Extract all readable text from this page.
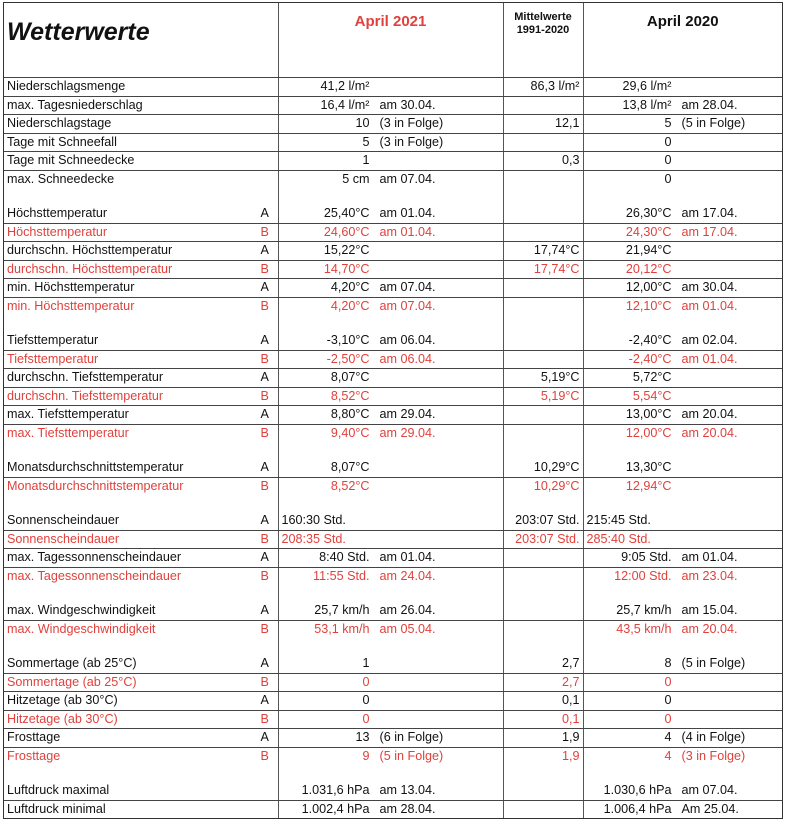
Wetterwerte		April 2021	Mittelwerte
1991-2020	April 2020

Niederschlagsmenge		41,2 l/m²	86,3 l/m²	29,6 l/m²

max. Tagesniederschlag		16,4 l/m² am 30.04.		13,8 l/m² am 28.04.

Niederschlagstage		10 (3 in Folge)	12,1	5 (5 in Folge)

Tage mit Schneefall		5 (3 in Folge)		0

Tage mit Schneedecke		1	0,3	0

max. Schneedecke		5 cm am 07.04.		0

Höchsttemperatur	A	25,40°C am 01.04.		26,30°C am 17.04.

Höchsttemperatur	B	24,60°C am 01.04.		24,30°C am 17.04.

durchschn. Höchsttemperatur	A	15,22°C	17,74°C	21,94°C

durchschn. Höchsttemperatur	B	14,70°C	17,74°C	20,12°C

min. Höchsttemperatur	A	4,20°C am 07.04.		12,00°C am 30.04.

min. Höchsttemperatur	B	4,20°C am 07.04.		12,10°C am 01.04.

Tiefsttemperatur	A	-3,10°C am 06.04.		-2,40°C am 02.04.

Tiefsttemperatur	B	-2,50°C am 06.04.		-2,40°C am 01.04.

durchschn. Tiefsttemperatur	A	8,07°C	5,19°C	5,72°C

durchschn. Tiefsttemperatur	B	8,52°C	5,19°C	5,54°C

max. Tiefsttemperatur	A	8,80°C am 29.04.		13,00°C am 20.04.

max. Tiefsttemperatur	B	9,40°C am 29.04.		12,00°C am 20.04.

Monatsdurchschnittstemperatur	A	8,07°C	10,29°C	13,30°C

Monatsdurchschnittstemperatur	B	8,52°C	10,29°C	12,94°C

Sonnenscheindauer	A	160:30 Std.	203:07 Std.	215:45 Std.

Sonnenscheindauer	B	208:35 Std.	203:07 Std.	285:40 Std.

max. Tagessonnenscheindauer	A	8:40 Std. am 01.04.		9:05 Std. am 01.04.

max. Tagessonnenscheindauer	B	11:55 Std. am 24.04.		12:00 Std. am 23.04.

max. Windgeschwindigkeit	A	25,7 km/h am 26.04.		25,7 km/h am 15.04.

max. Windgeschwindigkeit	B	53,1 km/h am 05.04.		43,5 km/h am 20.04.

Sommertage (ab 25°C)	A	1	2,7	8 (5 in Folge)

Sommertage (ab 25°C)	B	0	2,7	0

Hitzetage (ab 30°C)	A	0	0,1	0

Hitzetage (ab 30°C)	B	0	0,1	0

Frosttage	A	13 (6 in Folge)	1,9	4 (4 in Folge)

Frosttage	B	9 (5 in Folge)	1,9	4 (3 in Folge)

Luftdruck maximal		1.031,6 hPa am 13.04.		1.030,6 hPa am 07.04.

Luftdruck minimal		1.002,4 hPa am 28.04.		1.006,4 hPa Am 25.04.
